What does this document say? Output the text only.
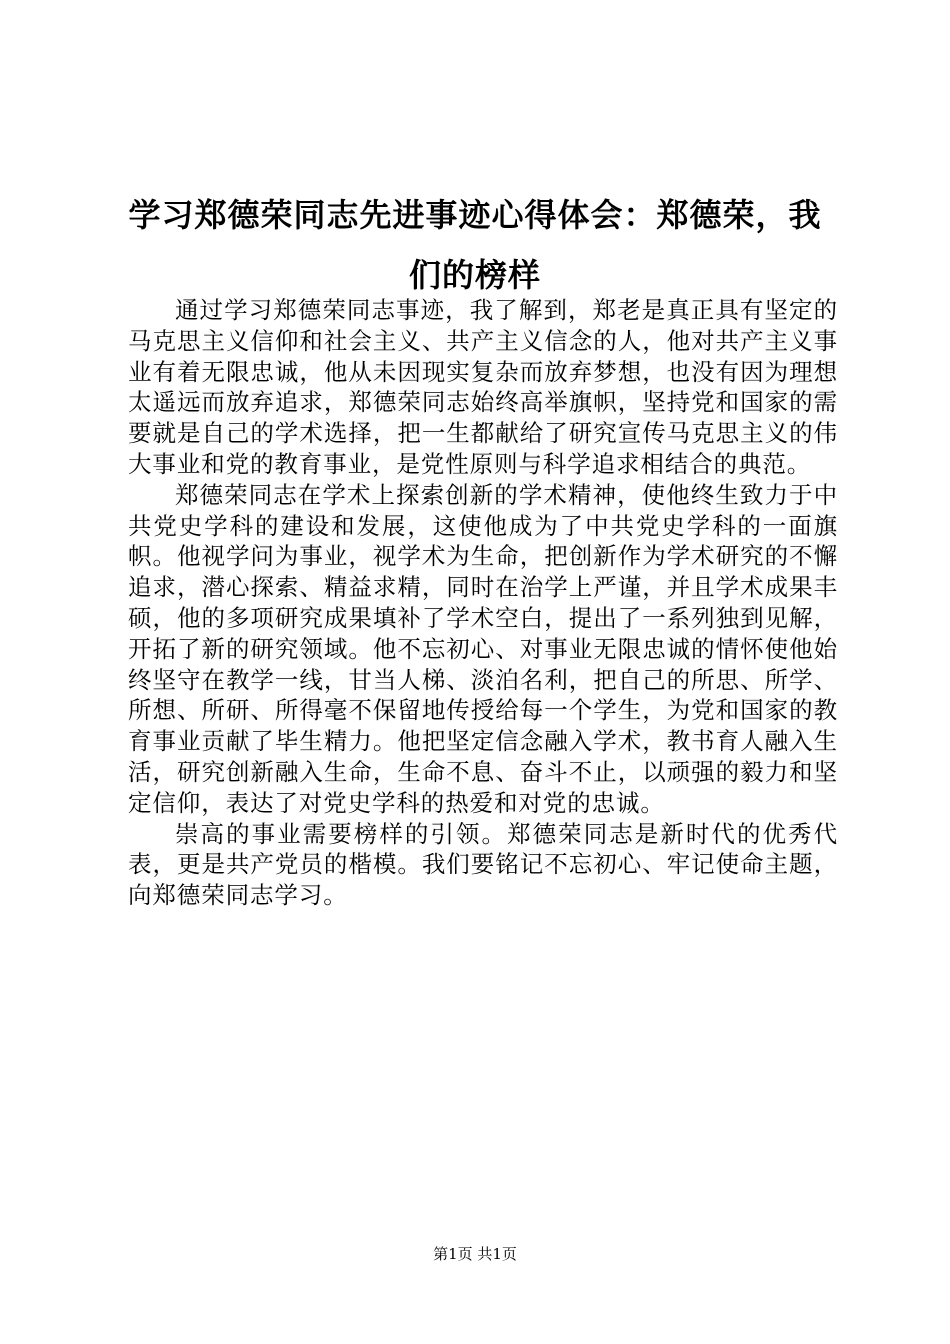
学习郑德荣同志先进事迹心得体会：郑德荣，我们的榜样

通过学习郑德荣同志事迹，我了解到，郑老是真正具有坚定的马克思主义信仰和社会主义、共产主义信念的人，他对共产主义事业有着无限忠诚，他从未因现实复杂而放弃梦想，也没有因为理想太遥远而放弃追求，郑德荣同志始终高举旗帜，坚持党和国家的需要就是自己的学术选择，把一生都献给了研究宣传马克思主义的伟大事业和党的教育事业，是党性原则与科学追求相结合的典范。

郑德荣同志在学术上探索创新的学术精神，使他终生致力于中共党史学科的建设和发展，这使他成为了中共党史学科的一面旗帜。他视学问为事业，视学术为生命，把创新作为学术研究的不懈追求，潜心探索、精益求精，同时在治学上严谨，并且学术成果丰硕，他的多项研究成果填补了学术空白，提出了一系列独到见解，开拓了新的研究领域。他不忘初心、对事业无限忠诚的情怀使他始终坚守在教学一线，甘当人梯、淡泊名利，把自己的所思、所学、所想、所研、所得毫不保留地传授给每一个学生，为党和国家的教育事业贡献了毕生精力。他把坚定信念融入学术，教书育人融入生活，研究创新融入生命，生命不息、奋斗不止，以顽强的毅力和坚定信仰，表达了对党史学科的热爱和对党的忠诚。

崇高的事业需要榜样的引领。郑德荣同志是新时代的优秀代表，更是共产党员的楷模。我们要铭记不忘初心、牢记使命主题，向郑德荣同志学习。

第1页 共1页
